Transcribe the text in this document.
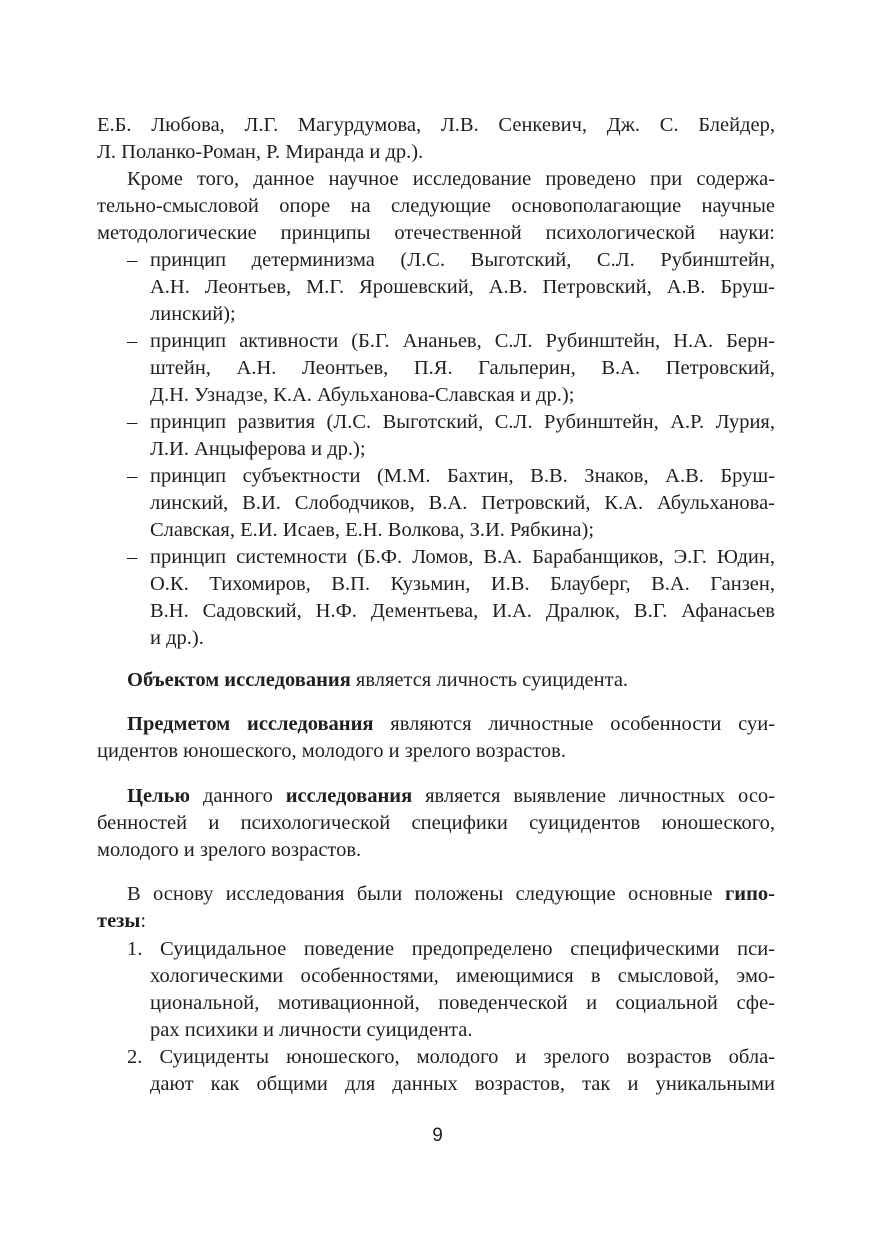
Е.Б. Любова, Л.Г. Магурдумова, Л.В. Сенкевич, Дж. С. Блейдер,
Л. Поланко-Роман, Р. Миранда и др.).
Кроме того, данное научное исследование проведено при содержа-
тельно-смысловой опоре на следующие основополагающие научные
методологические принципы отечественной психологической науки:
– принцип детерминизма (Л.С. Выготский, С.Л. Рубинштейн,
А.Н. Леонтьев, М.Г. Ярошевский, А.В. Петровский, А.В. Бруш-
линский);
– принцип активности (Б.Г. Ананьев, С.Л. Рубинштейн, Н.А. Берн-
штейн, А.Н. Леонтьев, П.Я. Гальперин, В.А. Петровский,
Д.Н. Узнадзе, К.А. Абульханова-Славская и др.);
– принцип развития (Л.С. Выготский, С.Л. Рубинштейн, А.Р. Лурия,
Л.И. Анцыферова и др.);
– принцип субъектности (М.М. Бахтин, В.В. Знаков, А.В. Бруш-
линский, В.И. Слободчиков, В.А. Петровский, К.А. Абульханова-
Славская, Е.И. Исаев, Е.Н. Волкова, З.И. Рябкина);
– принцип системности (Б.Ф. Ломов, В.А. Барабанщиков, Э.Г. Юдин,
О.К. Тихомиров, В.П. Кузьмин, И.В. Блауберг, В.А. Ганзен,
В.Н. Садовский, Н.Ф. Дементьева, И.А. Дралюк, В.Г. Афанасьев
и др.).
Объектом исследования является личность суицидента.
Предметом исследования являются личностные особенности суи-
цидентов юношеского, молодого и зрелого возрастов.
Целью данного исследования является выявление личностных осо-
бенностей и психологической специфики суицидентов юношеского,
молодого и зрелого возрастов.
В основу исследования были положены следующие основные гипо-
тезы:
1. Суицидальное поведение предопределено специфическими пси-
хологическими особенностями, имеющимися в смысловой, эмо-
циональной, мотивационной, поведенческой и социальной сфе-
рах психики и личности суицидента.
2. Суициденты юношеского, молодого и зрелого возрастов обла-
дают как общими для данных возрастов, так и уникальными
9
